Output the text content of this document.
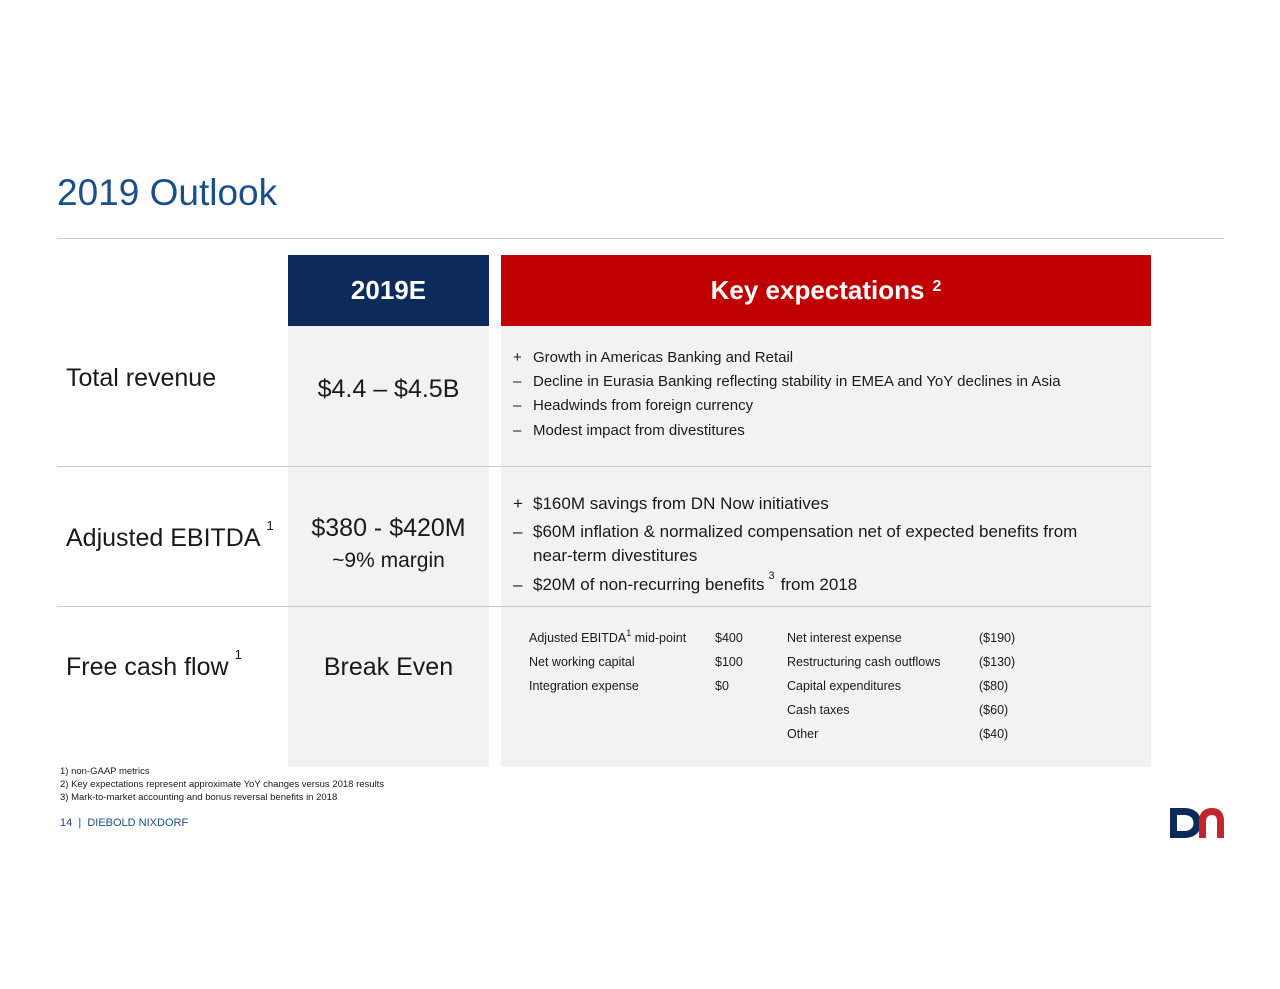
2019 Outlook
2019E	Key expectations $^2$
Total revenue	$4.4 – $4.5B
+ Growth in Americas Banking and Retail
– Decline in Eurasia Banking reflecting stability in EMEA and YoY declines in Asia
– Headwinds from foreign currency
– Modest impact from divestitures
Adjusted EBITDA $^1$	$380 - $420M
~9% margin
+ $160M savings from DN Now initiatives
– $60M inflation & normalized compensation net of expected benefits from
near-term divestitures
– $20M of non-recurring benefits $^3$ from 2018
Free cash flow $^1$	Break Even
Adjusted EBITDA$^1$ mid-point $400
Net working capital	$100
Integration expense	$0
Net interest expense	($190)
Restructuring cash outflows	($130)
Capital expenditures	($80)
Cash taxes	($60)
Other	($40)
1) non-GAAP metrics
2) Key expectations represent approximate YoY changes versus 2018 results
3) Mark-to-market accounting and bonus reversal benefits in 2018
14  |  DIEBOLD NIXDORF
